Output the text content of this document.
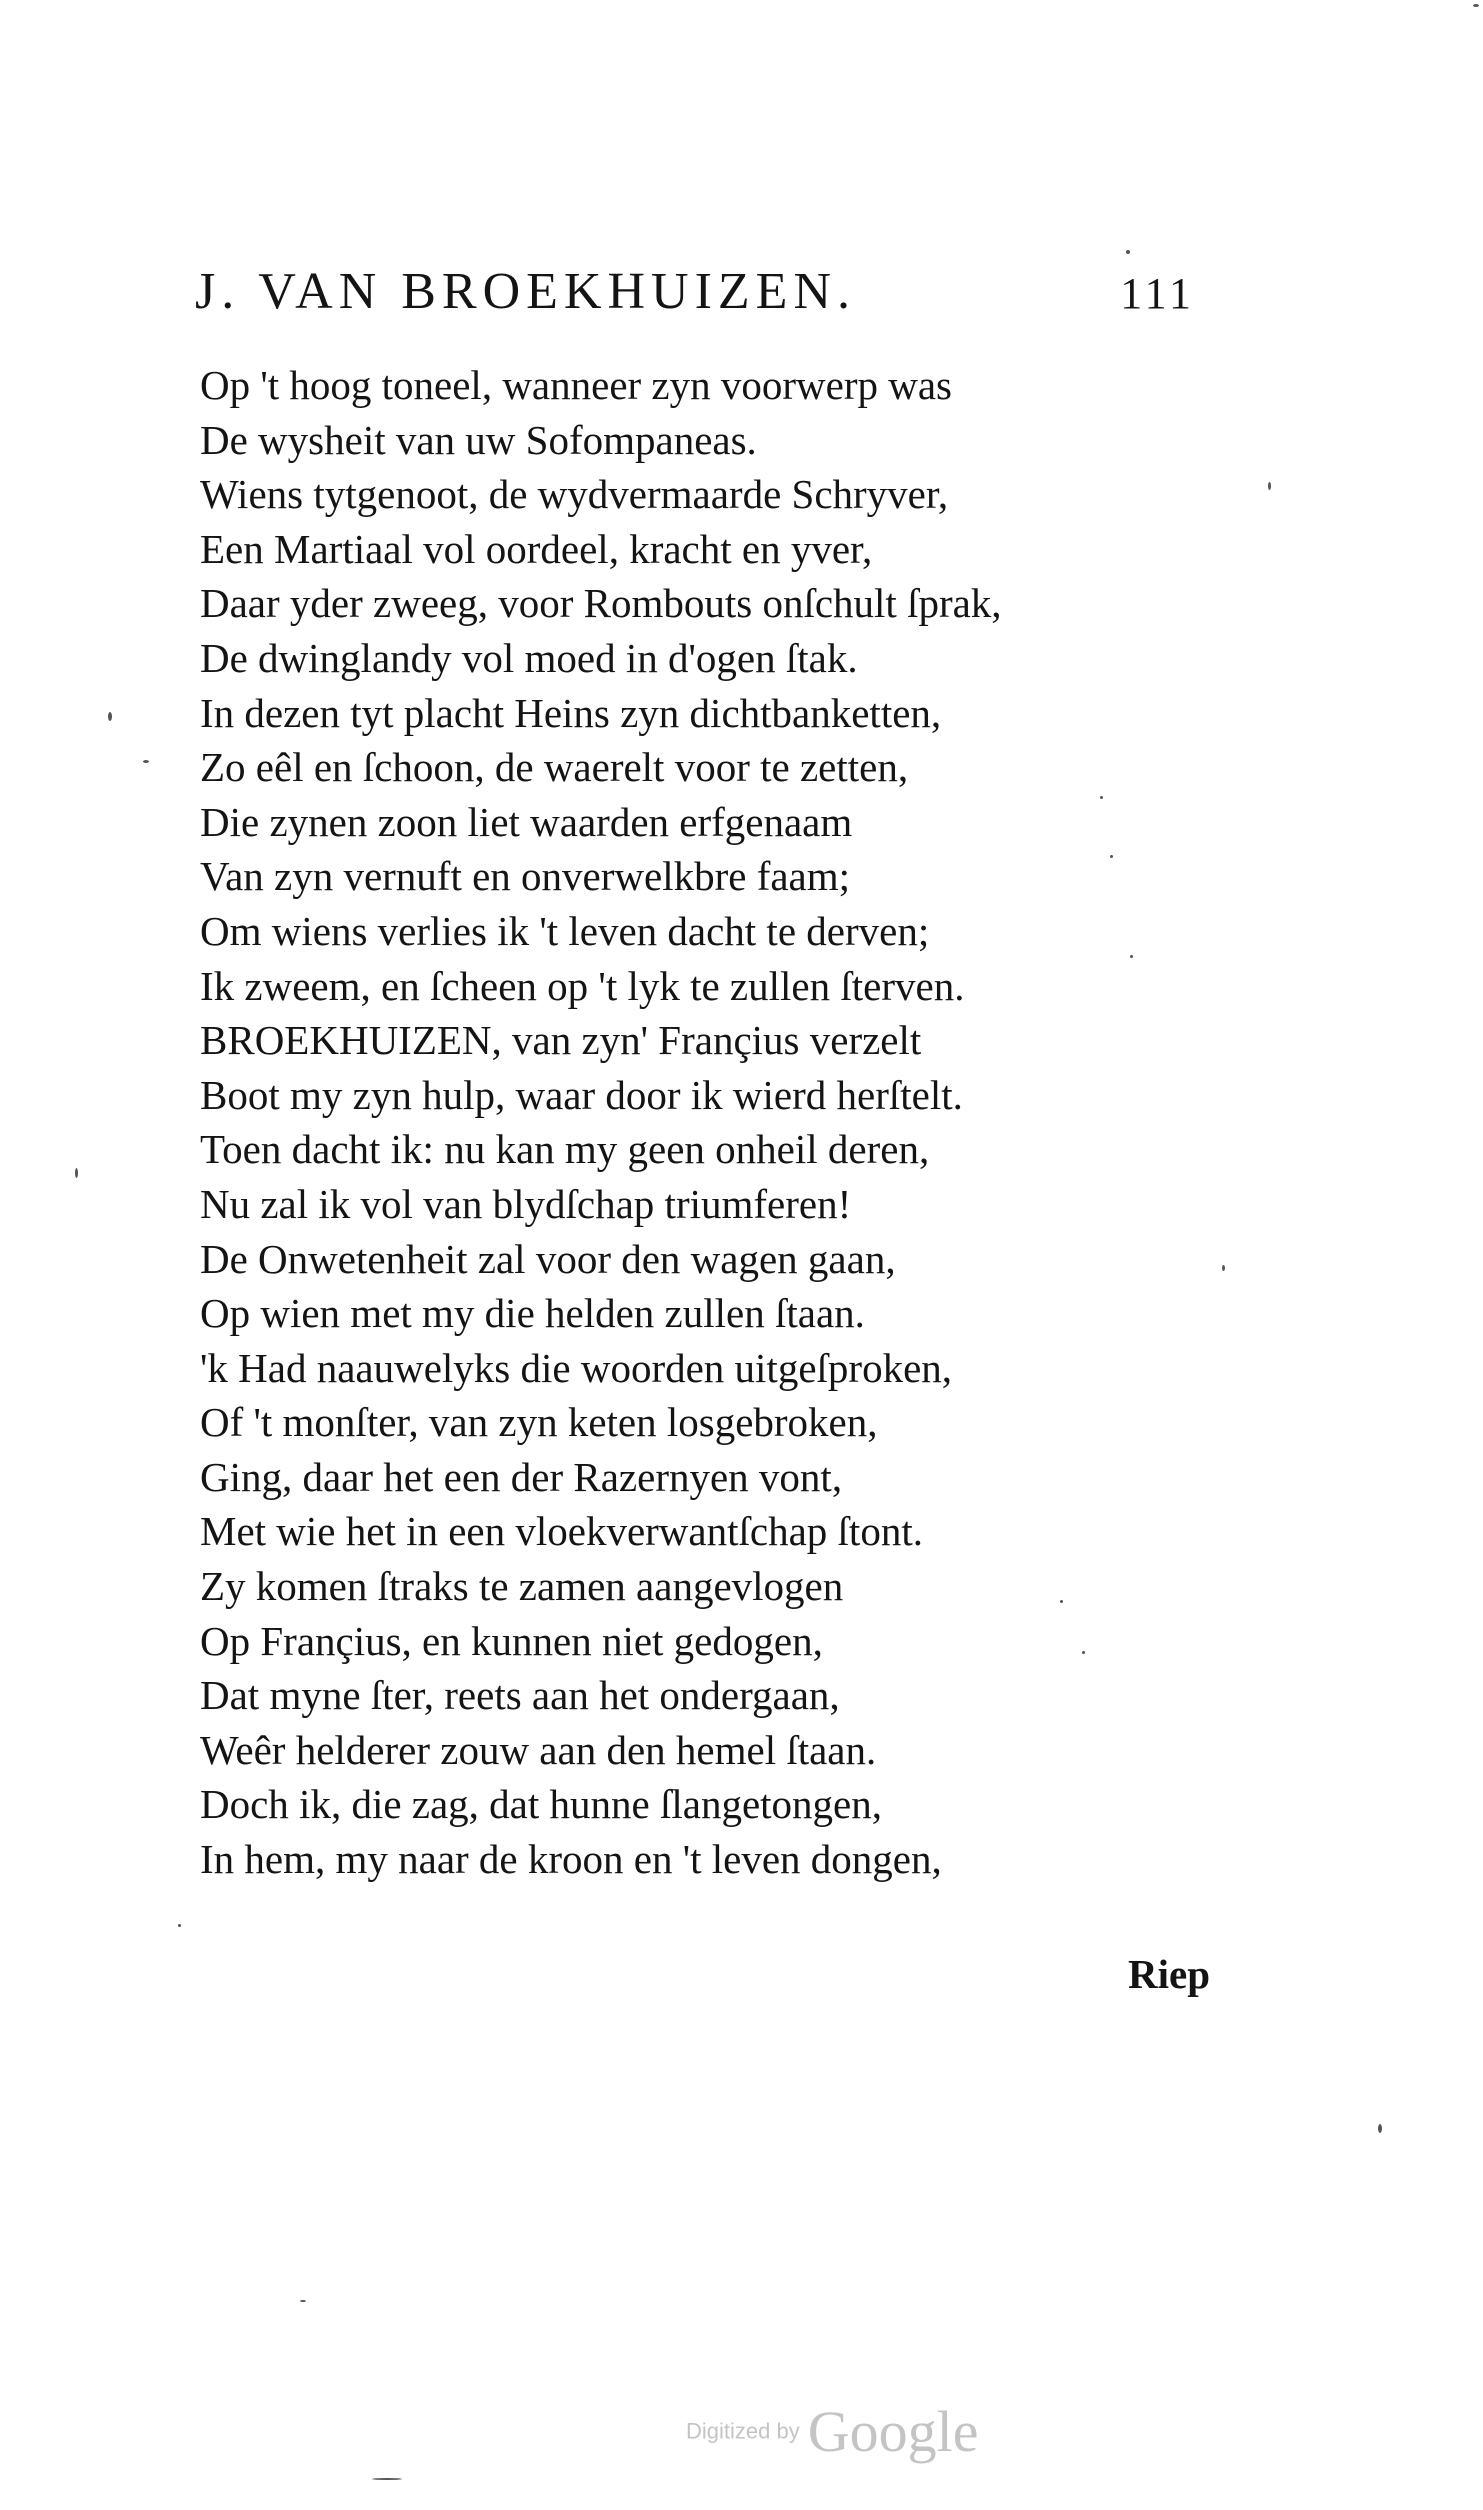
J. VAN BROEKHUIZEN.	111
Op 't hoog toneel, wanneer zyn voorwerp was
De wysheit van uw Sofompaneas.
Wiens tytgenoot, de wydvermaarde Schryver,
Een Martiaal vol oordeel, kracht en yver,
Daar yder zweeg, voor Rombouts onſchult ſprak,
De dwinglandy vol moed in d'ogen ſtak.
In dezen tyt placht Heins zyn dichtbanketten,
Zo eêl en ſchoon, de waerelt voor te zetten,
Die zynen zoon liet waarden erfgenaam
Van zyn vernuft en onverwelkbre faam;
Om wiens verlies ik 't leven dacht te derven;
Ik zweem, en ſcheen op 't lyk te zullen ſterven.
BROEKHUIZEN, van zyn' Françius verzelt
Boot my zyn hulp, waar door ik wierd herſtelt.
Toen dacht ik: nu kan my geen onheil deren,
Nu zal ik vol van blydſchap triumferen!
De Onwetenheit zal voor den wagen gaan,
Op wien met my die helden zullen ſtaan.
'k Had naauwelyks die woorden uitgeſproken,
Of 't monſter, van zyn keten losgebroken,
Ging, daar het een der Razernyen vont,
Met wie het in een vloekverwantſchap ſtont.
Zy komen ſtraks te zamen aangevlogen
Op Françius, en kunnen niet gedogen,
Dat myne ſter, reets aan het ondergaan,
Weêr helderer zouw aan den hemel ſtaan.
Doch ik, die zag, dat hunne ſlangetongen,
In hem, my naar de kroon en 't leven dongen,
Riep
Digitized by Google
